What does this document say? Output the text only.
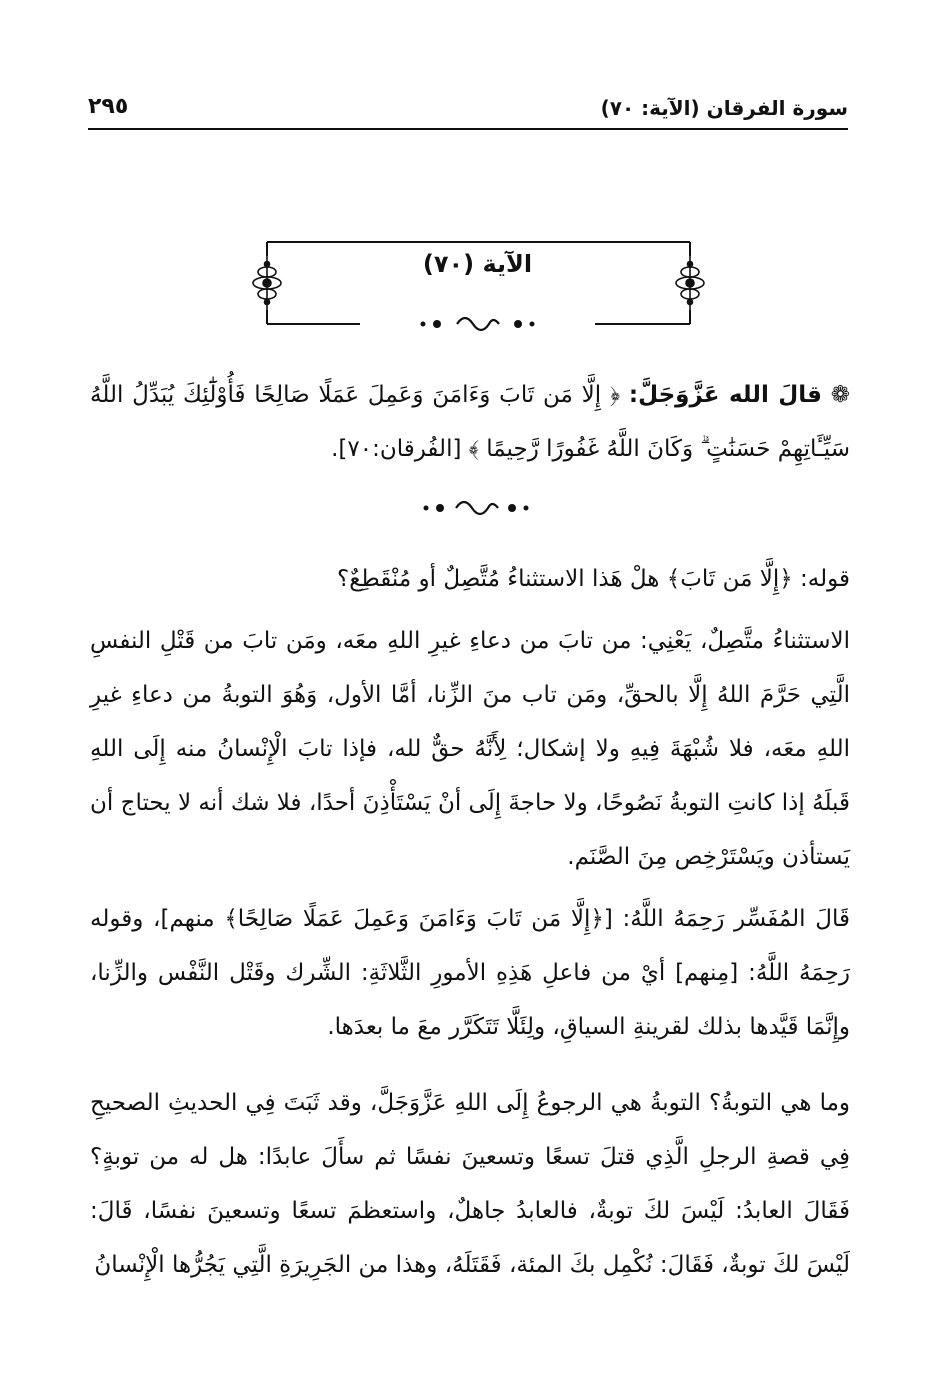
سورة الفرقان (الآية: ٧٠)
٢٩٥
الآية (٧٠)

❁ قالَ الله عَزَّوَجَلَّ: ﴿ إِلَّا مَن تَابَ وَءَامَنَ وَعَمِلَ عَمَلًا صَالِحًا فَأُوْلَٰٓئِكَ يُبَدِّلُ اللَّهُ سَيِّـَٔاتِهِمْ حَسَنَٰتٍ ۗ وَكَانَ اللَّهُ غَفُورًا رَّحِيمًا ﴾ [الفُرقان:٧٠].

قوله: ﴿إِلَّا مَن تَابَ﴾ هلْ هَذا الاستثناءُ مُتَّصِلٌ أو مُنْقَطِعٌ؟

الاستثناءُ متَّصِلٌ، يَعْنِي: من تابَ من دعاءِ غيرِ اللهِ معَه، ومَن تابَ من قَتْلِ النفسِ الَّتِي حَرَّمَ اللهُ إِلَّا بالحقِّ، ومَن تاب منَ الزِّنا، أمَّا الأول، وَهُوَ التوبةُ من دعاءِ غيرِ اللهِ معَه، فلا شُبْهَةَ فِيهِ ولا إشكال؛ لِأَنَّهُ حقٌّ لله، فإذا تابَ الْإِنْسانُ منه إِلَى اللهِ قَبلَهُ إذا كانتِ التوبةُ نَصُوحًا، ولا حاجةَ إِلَى أنْ يَسْتَأْذِنَ أحدًا، فلا شك أنه لا يحتاج أن يَستأذن ويَسْتَرْخِص مِنَ الصَّنَم.

قَالَ المُفَسِّر رَحِمَهُ اللَّهُ: [﴿إِلَّا مَن تَابَ وَءَامَنَ وَعَمِلَ عَمَلًا صَالِحًا﴾ منهم]، وقوله رَحِمَهُ اللَّهُ: [مِنهم] أيْ من فاعلِ هَذِهِ الأمورِ الثَّلاثَةِ: الشِّرك وقَتْل النَّفْس والزِّنا، وإِنَّمَا قَيَّدها بذلك لقرينةِ السياقِ، ولِئَلَّا تَتَكَرَّر معَ ما بعدَها.

وما هي التوبةُ؟ التوبةُ هي الرجوعُ إِلَى اللهِ عَزَّوَجَلَّ، وقد ثَبَتَ فِي الحديثِ الصحيحِ فِي قصةِ الرجلِ الَّذِي قتلَ تسعًا وتسعينَ نفسًا ثم سأَلَ عابدًا: هل له من توبةٍ؟ فَقَالَ العابدُ: لَيْسَ لكَ توبةٌ، فالعابدُ جاهلٌ، واستعظمَ تسعًا وتسعينَ نفسًا، قَالَ: لَيْسَ لكَ توبةٌ، فَقَالَ: نُكْمِل بكَ المئة، فَقَتَلَهُ، وهذا من الجَرِيرَةِ الَّتِي يَجُرُّها الْإِنْسانُ
